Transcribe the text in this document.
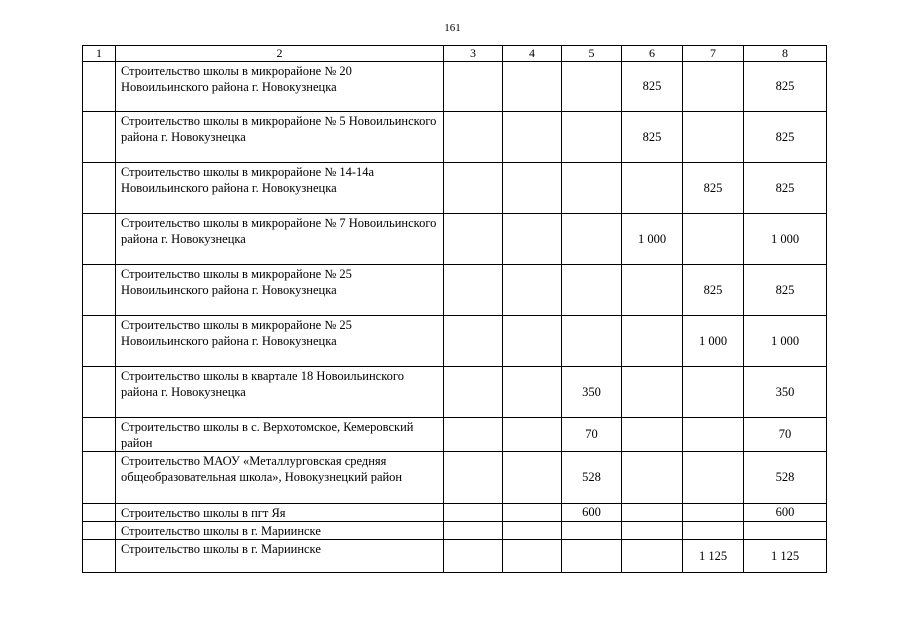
161
1	2	3	4	5	6	7	8
	Строительство школы в микрорайоне № 20 Новоильинского района г. Новокузнецка				825		825
	Строительство школы в микрорайоне № 5 Новоильинского района г. Новокузнецка				825		825
	Строительство школы в микрорайоне № 14-14а Новоильинского района г. Новокузнецка					825	825
	Строительство школы в микрорайоне № 7 Новоильинского района г. Новокузнецка				1 000		1 000
	Строительство школы в микрорайоне № 25 Новоильинского района г. Новокузнецка					825	825
	Строительство школы в микрорайоне № 25 Новоильинского района г. Новокузнецка					1 000	1 000
	Строительство школы в квартале 18 Новоильинского района г. Новокузнецка			350			350
	Строительство школы в с. Верхотомское, Кемеровский район			70			70
	Строительство МАОУ «Металлурговская средняя общеобразовательная школа», Новокузнецкий район			528			528
	Строительство школы в пгт Яя			600			600
	Строительство школы в г. Мариинске						
	Строительство школы в г. Мариинске					1 125	1 125
